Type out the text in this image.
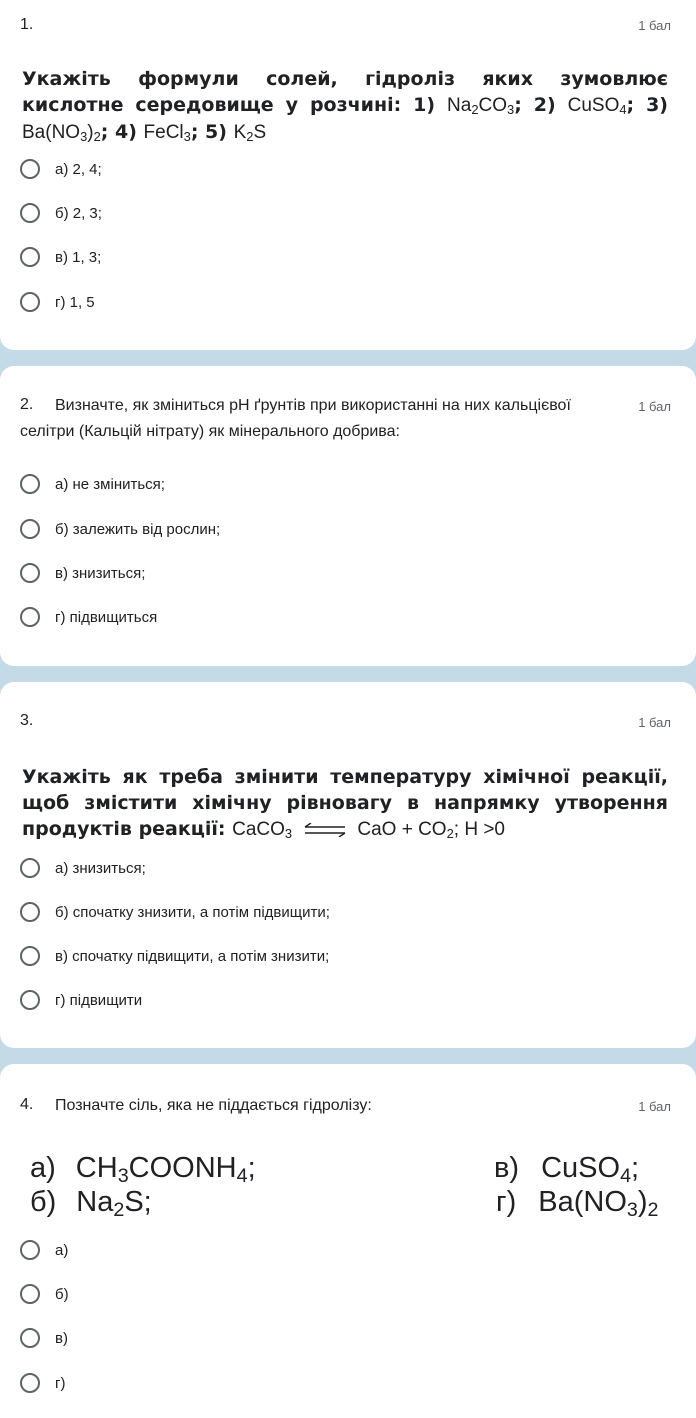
1.	1 бал
Укажіть формули солей, гідроліз яких зумовлює кислотне середовище у розчині: 1) $Na_2CO_3$; 2) CuSO$_4$; 3) $Ba(NO_3)_2$; 4) FeCl$_3$; 5) $K_2S$
а) 2, 4;
б) 2, 3;
в) 1, 3;
г) 1, 5
2.	1 бал
Визначте, як зміниться pH ґрунтів при використанні на них кальцієвої селітри (Кальцій нітрату) як мінерального добрива:
а) не зміниться;
б) залежить від рослин;
в) знизиться;
г) підвищиться
3.	1 бал
Укажіть як треба змінити температуру хімічної реакції, щоб змістити хімічну рівновагу в напрямку утворення продуктів реакції: CaCO$_3$ ⇌ CaO + $CO_2$; H >0
а) знизиться;
б) спочатку знизити, а потім підвищити;
в) спочатку підвищити, а потім знизити;
г) підвищити
4.	1 бал
Позначте сіль, яка не піддається гідролізу:
а) $CH_3COONH_4$;
б) $Na_2S$;
в) CuSO$_4$;
г) $Ba(NO_3)_2$
а)
б)
в)
г)
